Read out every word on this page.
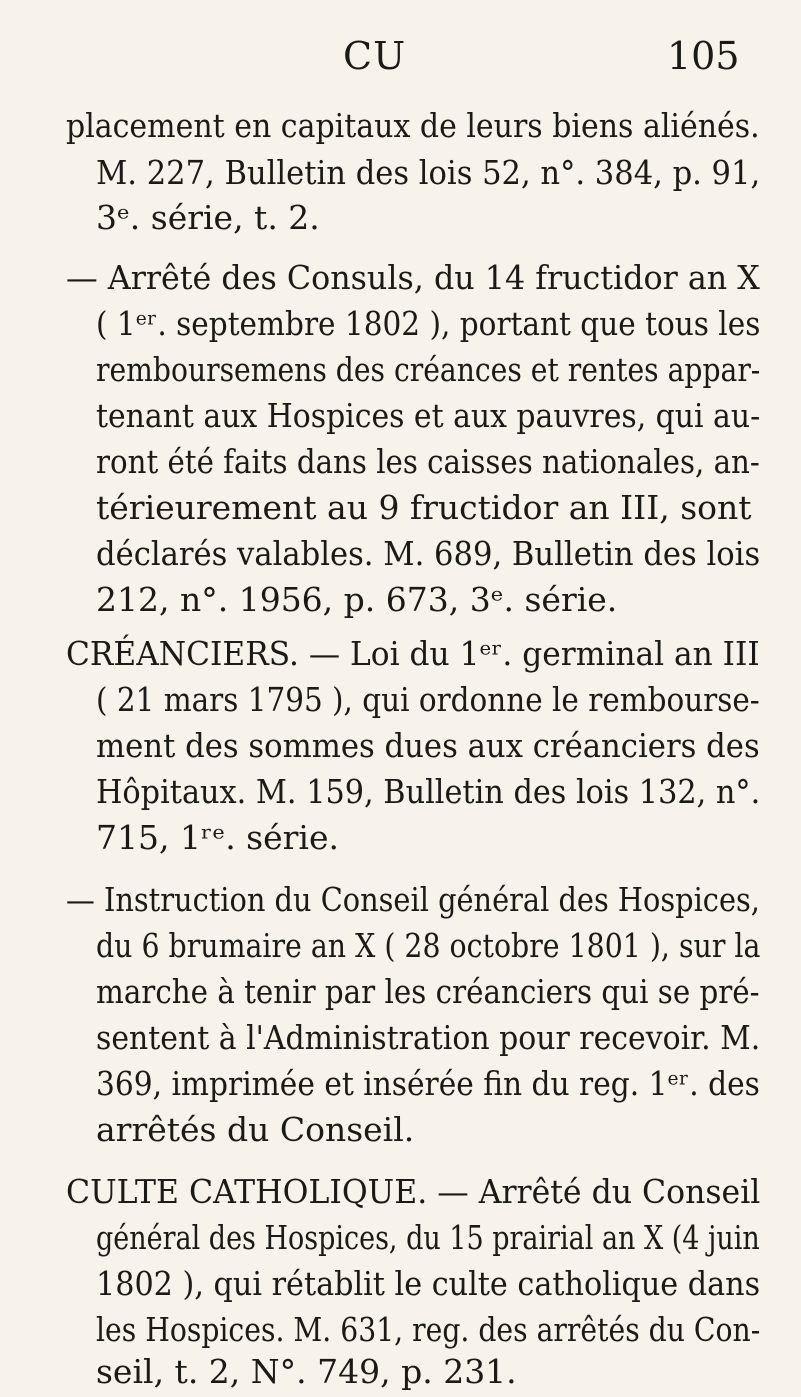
CU	105
placement en capitaux de leurs biens aliénés.
M. 227, Bulletin des lois 52, n°. 384, p. 91,
3ᵉ. série, t. 2.
— Arrêté des Consuls, du 14 fructidor an X
( 1ᵉʳ. septembre 1802 ), portant que tous les
remboursemens des créances et rentes appar-
tenant aux Hospices et aux pauvres, qui au-
ront été faits dans les caisses nationales, an-
térieurement au 9 fructidor an III, sont
déclarés valables. M. 689, Bulletin des lois
212, n°. 1956, p. 673, 3ᵉ. série.
CRÉANCIERS. — Loi du 1ᵉʳ. germinal an III
( 21 mars 1795 ), qui ordonne le rembourse-
ment des sommes dues aux créanciers des
Hôpitaux. M. 159, Bulletin des lois 132, n°.
715, 1ʳᵉ. série.
— Instruction du Conseil général des Hospices,
du 6 brumaire an X ( 28 octobre 1801 ), sur la
marche à tenir par les créanciers qui se pré-
sentent à l'Administration pour recevoir. M.
369, imprimée et insérée fin du reg. 1ᵉʳ. des
arrêtés du Conseil.
CULTE CATHOLIQUE. — Arrêté du Conseil
général des Hospices, du 15 prairial an X (4 juin
1802 ), qui rétablit le culte catholique dans
les Hospices. M. 631, reg. des arrêtés du Con-
seil, t. 2, N°. 749, p. 231.
